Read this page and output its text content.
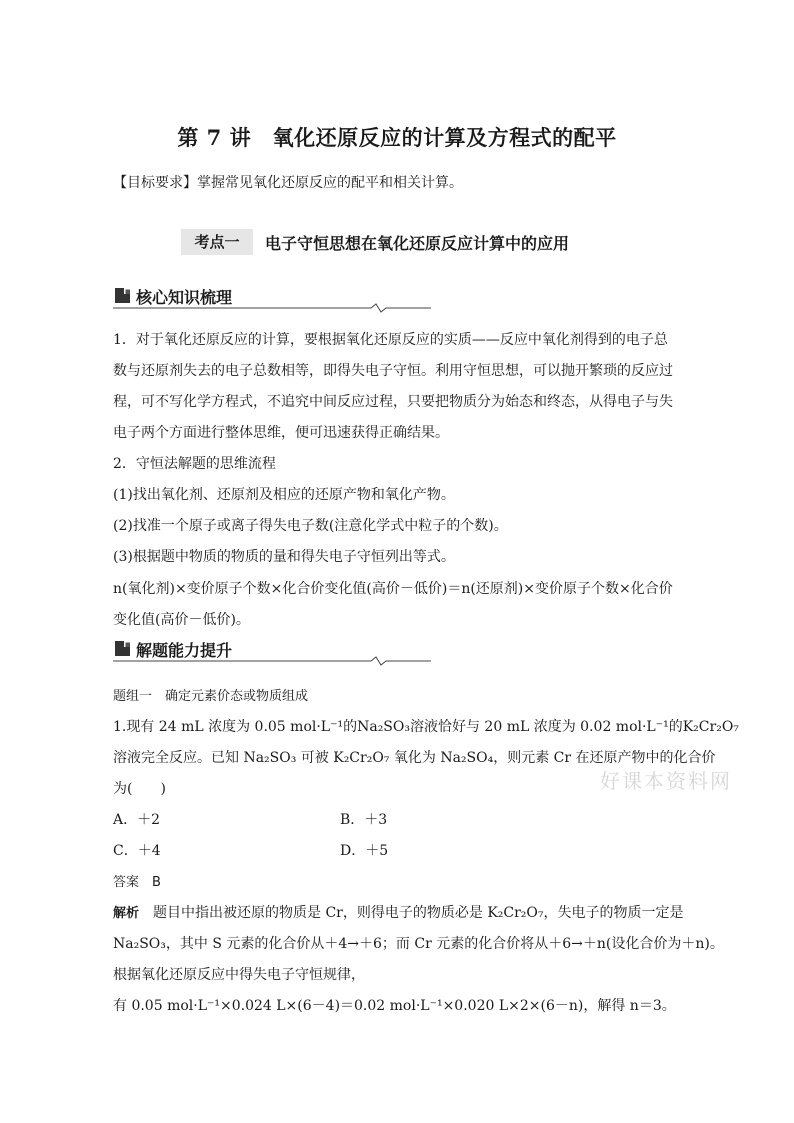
第 7 讲　氧化还原反应的计算及方程式的配平
【目标要求】掌握常见氧化还原反应的配平和相关计算。
考点一	电子守恒思想在氧化还原反应计算中的应用
核心知识梳理
1．对于氧化还原反应的计算，要根据氧化还原反应的实质——反应中氧化剂得到的电子总
数与还原剂失去的电子总数相等，即得失电子守恒。利用守恒思想，可以抛开繁琐的反应过
程，可不写化学方程式，不追究中间反应过程，只要把物质分为始态和终态，从得电子与失
电子两个方面进行整体思维，便可迅速获得正确结果。
2．守恒法解题的思维流程
(1)找出氧化剂、还原剂及相应的还原产物和氧化产物。
(2)找准一个原子或离子得失电子数(注意化学式中粒子的个数)。
(3)根据题中物质的物质的量和得失电子守恒列出等式。
n(氧化剂)×变价原子个数×化合价变化值(高价－低价)＝n(还原剂)×变价原子个数×化合价
变化值(高价－低价)。
解题能力提升
题组一　确定元素价态或物质组成
1.现有 24 mL 浓度为 0.05 mol·L⁻¹的Na₂SO₃溶液恰好与 20 mL 浓度为 0.02 mol·L⁻¹的K₂Cr₂O₇
溶液完全反应。已知 Na₂SO₃ 可被 K₂Cr₂O₇ 氧化为 Na₂SO₄，则元素 Cr 在还原产物中的化合价
为(　　)
A．＋2	B．＋3
C．＋4	D．＋5
答案　 B
解析　 题目中指出被还原的物质是 Cr，则得电子的物质必是 K₂Cr₂O₇，失电子的物质一定是
Na₂SO₃，其中 S 元素的化合价从＋4→＋6；而 Cr 元素的化合价将从＋6→＋n(设化合价为＋n)。
根据氧化还原反应中得失电子守恒规律，
有 0.05 mol·L⁻¹×0.024 L×(6－4)＝0.02 mol·L⁻¹×0.020 L×2×(6－n)，解得 n＝3。
好课本资料网
